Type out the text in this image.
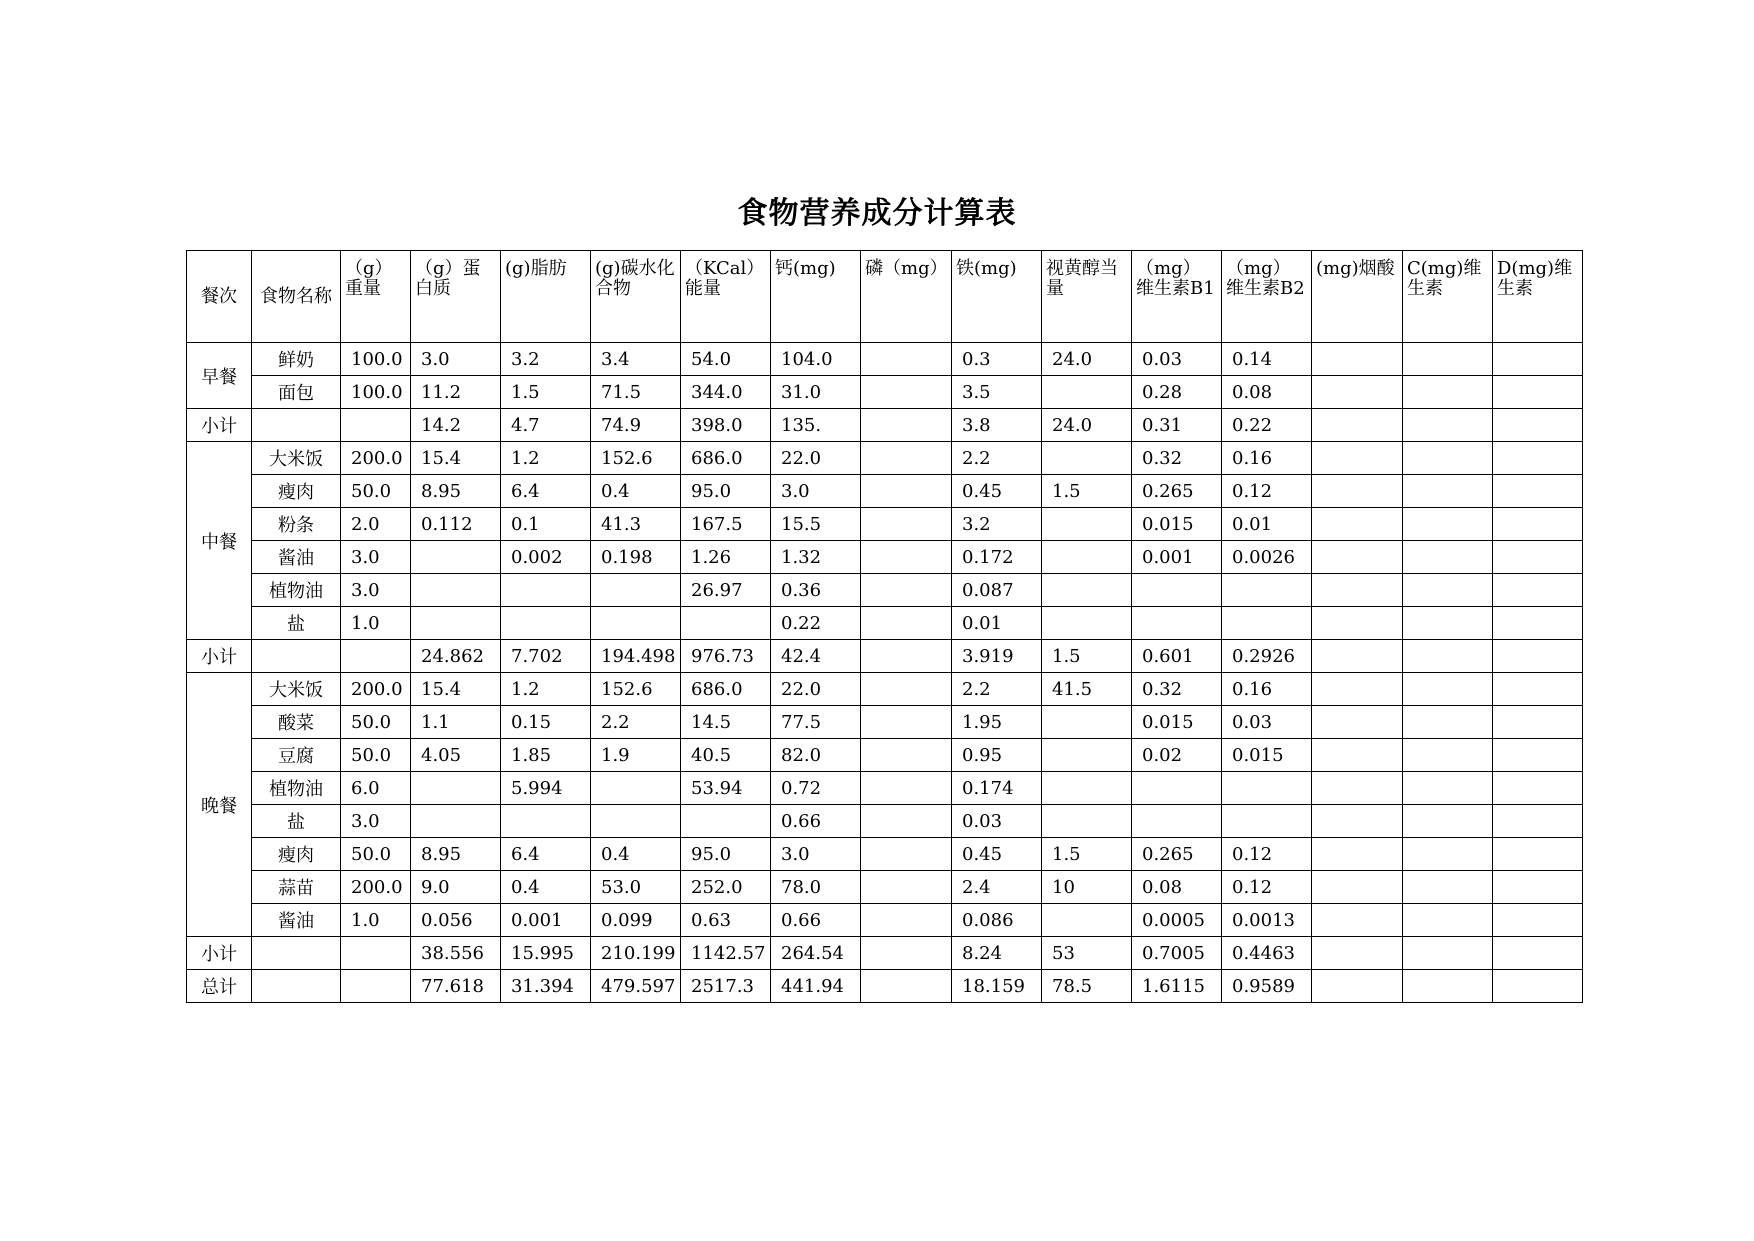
食物营养成分计算表
餐次	食物名称	（g）重量	（g）蛋白质	(g)脂肪	(g)碳水化合物	（KCal）能量	钙(mg)	磷（mg）	铁(mg)	视黄醇当量	（mg）维生素B1	（mg）维生素B2	(mg)烟酸	C(mg)维生素	D(mg)维生素
早餐	鲜奶	100.0	3.0	3.2	3.4	54.0	104.0		0.3	24.0	0.03	0.14			
	面包	100.0	11.2	1.5	71.5	344.0	31.0		3.5		0.28	0.08			
小计			14.2	4.7	74.9	398.0	135.		3.8	24.0	0.31	0.22			
中餐	大米饭	200.0	15.4	1.2	152.6	686.0	22.0		2.2		0.32	0.16			
	瘦肉	50.0	8.95	6.4	0.4	95.0	3.0		0.45	1.5	0.265	0.12			
	粉条	2.0	0.112	0.1	41.3	167.5	15.5		3.2		0.015	0.01			
	酱油	3.0		0.002	0.198	1.26	1.32		0.172		0.001	0.0026			
	植物油	3.0				26.97	0.36		0.087						
	盐	1.0					0.22		0.01						
小计			24.862	7.702	194.498	976.73	42.4		3.919	1.5	0.601	0.2926			
晚餐	大米饭	200.0	15.4	1.2	152.6	686.0	22.0		2.2	41.5	0.32	0.16			
	酸菜	50.0	1.1	0.15	2.2	14.5	77.5		1.95		0.015	0.03			
	豆腐	50.0	4.05	1.85	1.9	40.5	82.0		0.95		0.02	0.015			
	植物油	6.0		5.994		53.94	0.72		0.174						
	盐	3.0					0.66		0.03						
	瘦肉	50.0	8.95	6.4	0.4	95.0	3.0		0.45	1.5	0.265	0.12			
	蒜苗	200.0	9.0	0.4	53.0	252.0	78.0		2.4	10	0.08	0.12			
	酱油	1.0	0.056	0.001	0.099	0.63	0.66		0.086		0.0005	0.0013			
小计			38.556	15.995	210.199	1142.57	264.54		8.24	53	0.7005	0.4463			
总计			77.618	31.394	479.597	2517.3	441.94		18.159	78.5	1.6115	0.9589			
